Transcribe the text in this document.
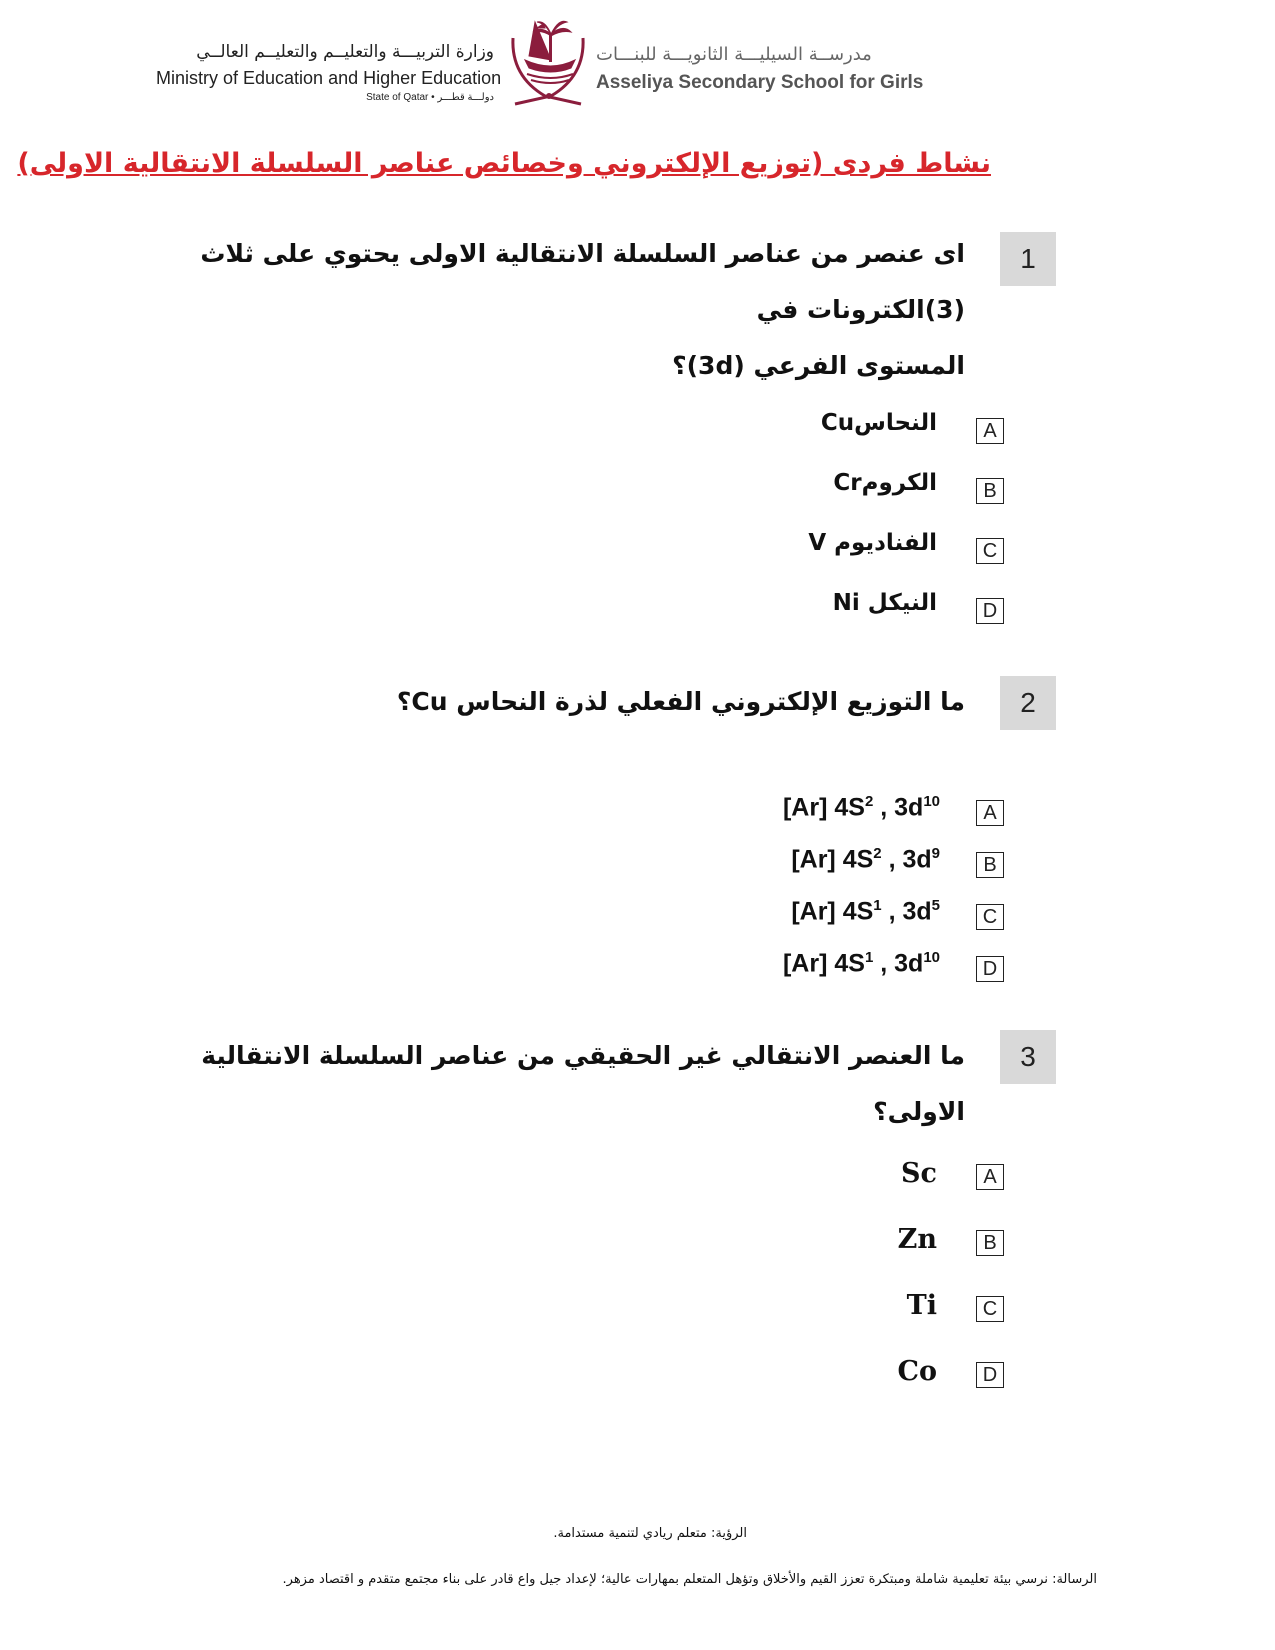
وزارة التربيـــة والتعليــم والتعليــم العالــي
Ministry of Education and Higher Education
State of Qatar • دولـــة قطـــر
مدرســة السيليـــة الثانويـــة للبنـــات
Asseliya Secondary School for Girls
نشاط فردى (توزيع الإلكتروني وخصائص عناصر السلسلة الانتقالية الاولى)
1
اى عنصر من عناصر السلسلة الانتقالية الاولى يحتوي على ثلاث (3)الكترونات في
المستوى الفرعي (3d)؟
A
النحاسCu
B
الكرومCr
C
الفناديوم V
D
النيكل Ni
2
ما التوزيع الإلكتروني الفعلي لذرة النحاس Cu؟
A
[Ar] $4S^2$ , $3d^{10}$
B
[Ar] $4S^2$ , $3d^9$
C
[Ar] $4S^1$ , $3d^5$
D
[Ar] $4S^1$ , $3d^{10}$
3
ما العنصر الانتقالي غير الحقيقي من عناصر السلسلة الانتقالية الاولى؟
A
Sc
B
Zn
C
Ti
D
Co
الرؤية: متعلم ريادي لتنمية مستدامة.
الرسالة: نرسي بيئة تعليمية شاملة ومبتكرة تعزز القيم والأخلاق وتؤهل المتعلم بمهارات عالية؛ لإعداد جيل واع قادر على بناء مجتمع متقدم و اقتصاد مزهر.
